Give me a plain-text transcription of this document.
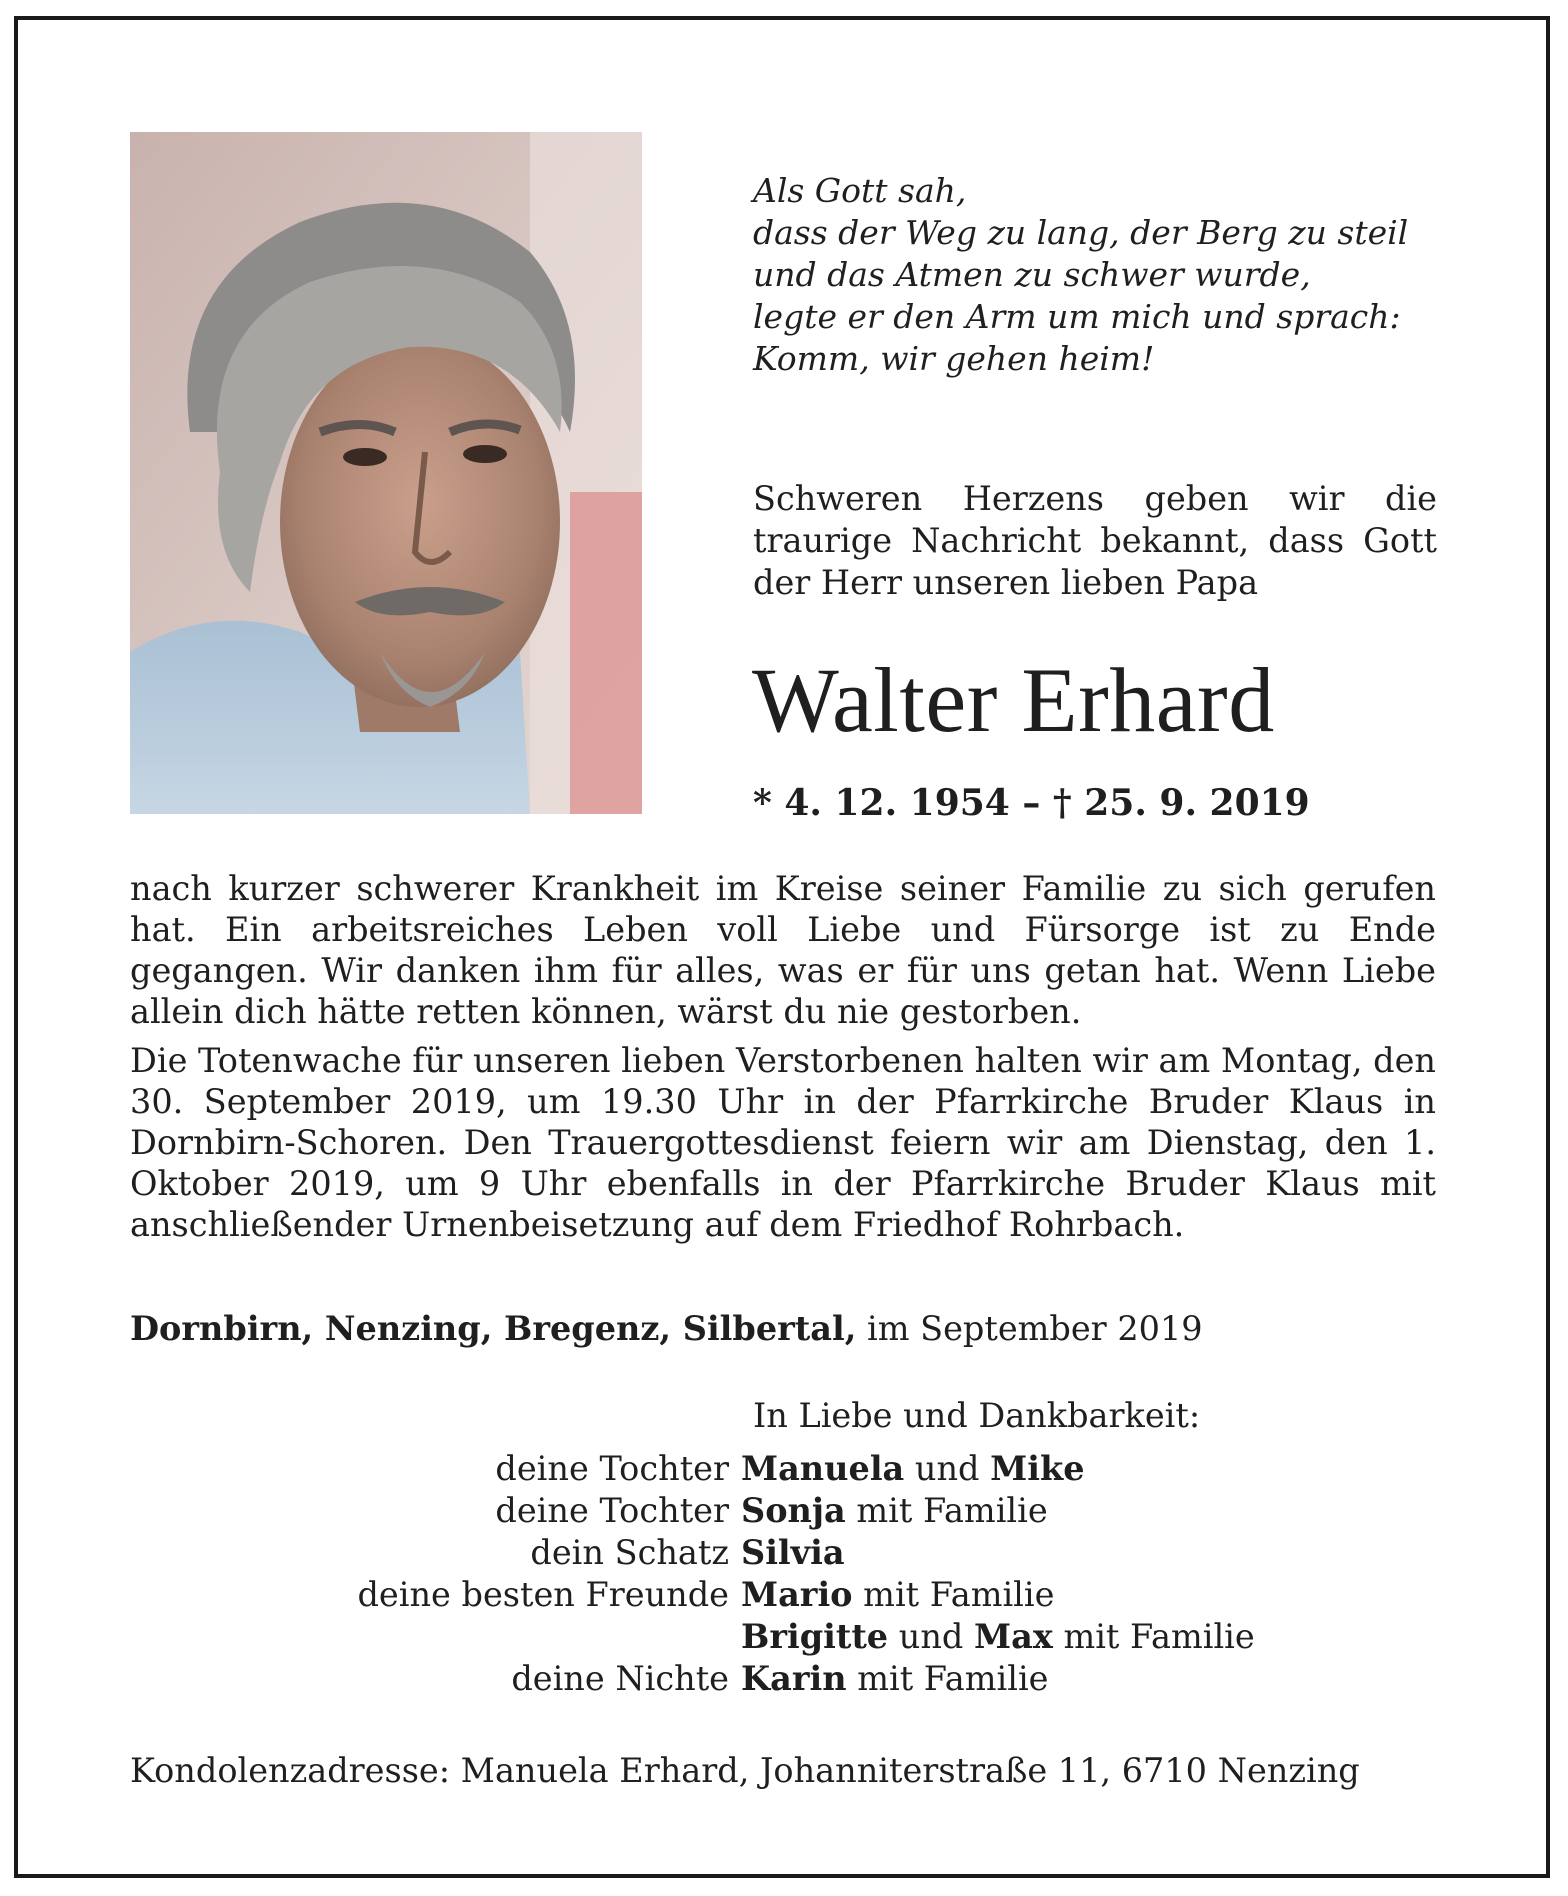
Als Gott sah,
dass der Weg zu lang, der Berg zu steil
und das Atmen zu schwer wurde,
legte er den Arm um mich und sprach:
Komm, wir gehen heim!
Schweren Herzens geben wir die traurige Nachricht bekannt, dass Gott der Herr unseren lieben Papa
Walter Erhard
* 4. 12. 1954 – † 25. 9. 2019

nach kurzer schwerer Krankheit im Kreise seiner Familie zu sich gerufen hat. Ein arbeitsreiches Leben voll Liebe und Fürsorge ist zu Ende gegangen. Wir danken ihm für alles, was er für uns getan hat. Wenn Liebe allein dich hätte retten können, wärst du nie gestorben.

Die Totenwache für unseren lieben Verstorbenen halten wir am Montag, den 30. September 2019, um 19.30 Uhr in der Pfarrkirche Bruder Klaus in Dornbirn-Schoren. Den Trauergottesdienst feiern wir am Dienstag, den 1. Oktober 2019, um 9 Uhr ebenfalls in der Pfarrkirche Bruder Klaus mit anschließender Urnenbeisetzung auf dem Friedhof Rohrbach.

Dornbirn, Nenzing, Bregenz, Silbertal, im September 2019
In Liebe und Dankbarkeit:
deine Tochter Manuela und Mike
deine Tochter Sonja mit Familie
dein Schatz Silvia
deine besten Freunde Mario mit Familie
Brigitte und Max mit Familie
deine Nichte Karin mit Familie
Kondolenzadresse: Manuela Erhard, Johanniterstraße 11, 6710 Nenzing
